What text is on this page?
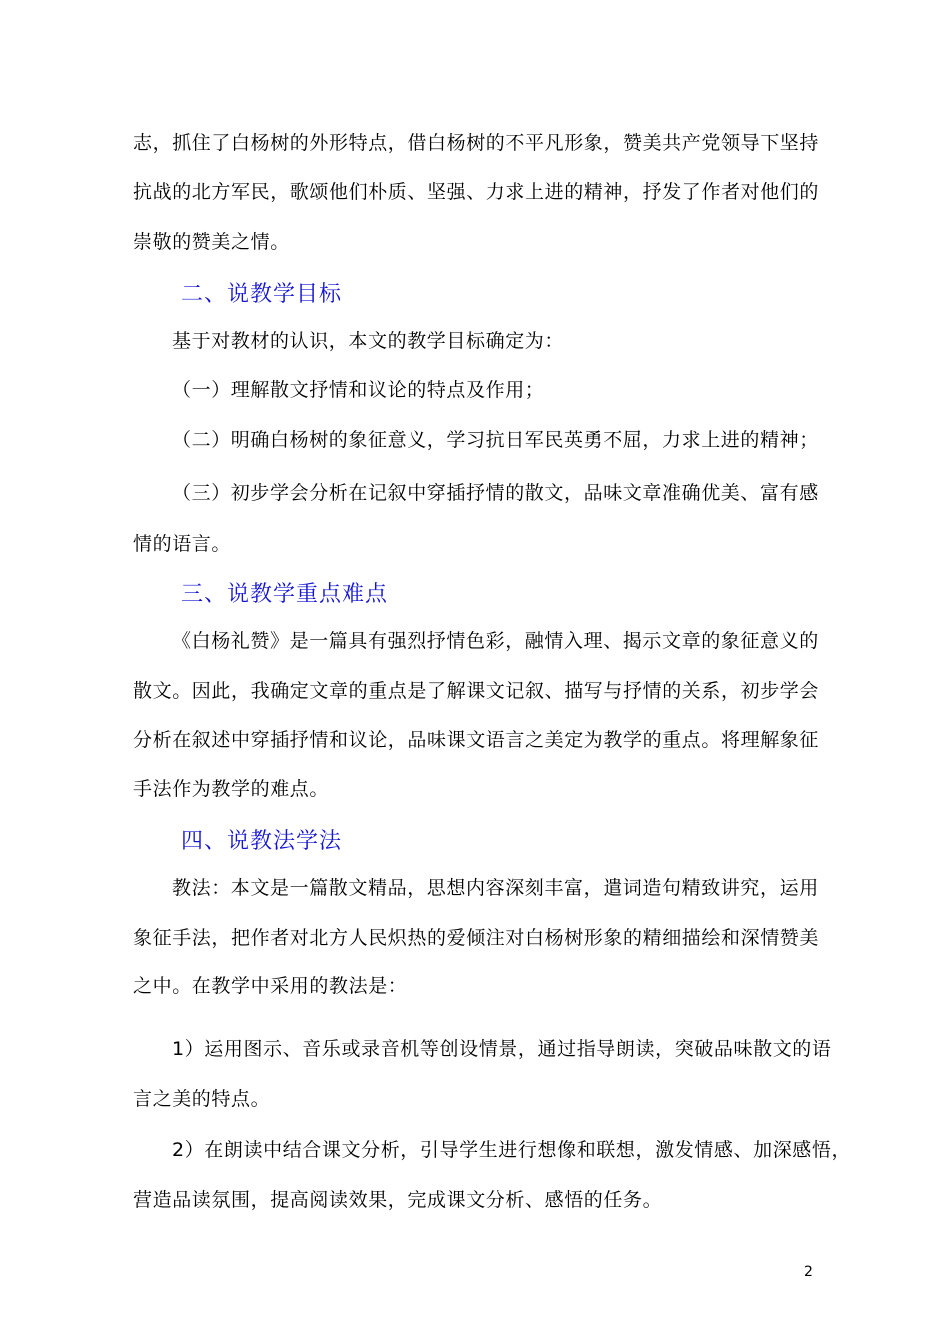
志，抓住了白杨树的外形特点，借白杨树的不平凡形象，赞美共产党领导下坚持
抗战的北方军民，歌颂他们朴质、坚强、力求上进的精神，抒发了作者对他们的
崇敬的赞美之情。
二、说教学目标
基于对教材的认识，本文的教学目标确定为：
（一）理解散文抒情和议论的特点及作用；
（二）明确白杨树的象征意义，学习抗日军民英勇不屈，力求上进的精神；
（三）初步学会分析在记叙中穿插抒情的散文，品味文章准确优美、富有感
情的语言。
三、说教学重点难点
《白杨礼赞》是一篇具有强烈抒情色彩，融情入理、揭示文章的象征意义的
散文。因此，我确定文章的重点是了解课文记叙、描写与抒情的关系，初步学会
分析在叙述中穿插抒情和议论，品味课文语言之美定为教学的重点。将理解象征
手法作为教学的难点。
四、说教法学法
教法：本文是一篇散文精品，思想内容深刻丰富，遣词造句精致讲究，运用
象征手法，把作者对北方人民炽热的爱倾注对白杨树形象的精细描绘和深情赞美
之中。在教学中采用的教法是：
1）运用图示、音乐或录音机等创设情景，通过指导朗读，突破品味散文的语
言之美的特点。
2）在朗读中结合课文分析，引导学生进行想像和联想，激发情感、加深感悟，
营造品读氛围，提高阅读效果，完成课文分析、感悟的任务。
2
